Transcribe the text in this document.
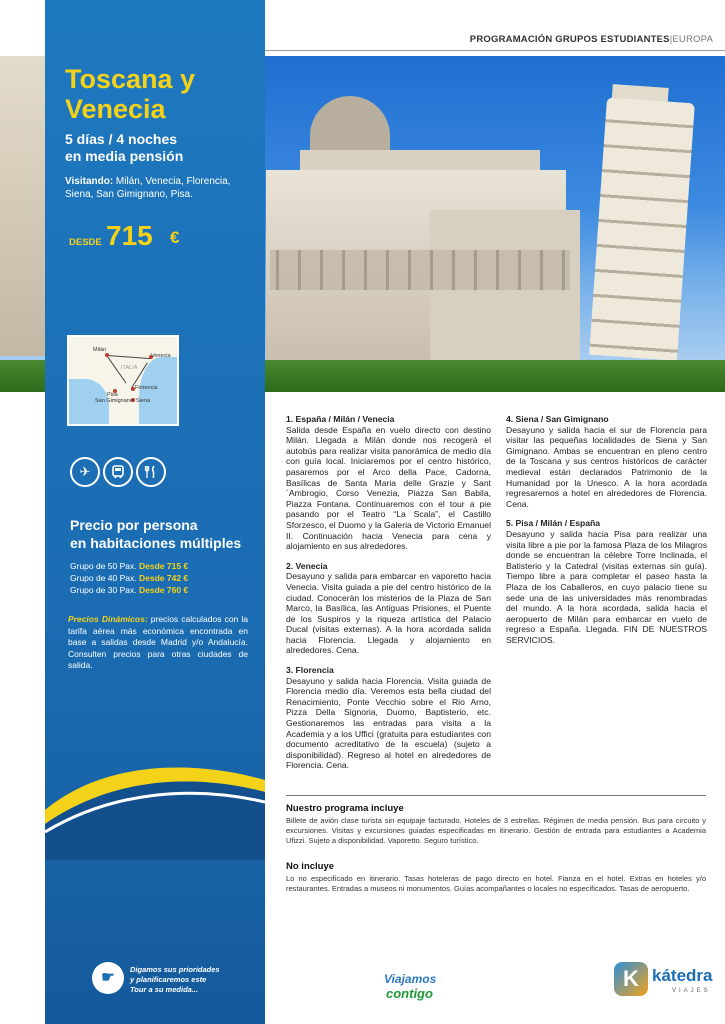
PROGRAMACIÓN GRUPOS ESTUDIANTES|EUROPA
Toscana y
Venecia
5 días / 4 noches
en media pensión
Visitando: Milán, Venecia, Florencia, Siena, San Gimignano, Pisa.
DESDE 715 €
Milán
Venecia
ITALIA
Florencia
Pisa
San Gimignano Siena
✈
Precio por persona
en habitaciones múltiples
Grupo de 50 Pax. Desde 715 €
Grupo de 40 Pax. Desde 742 €
Grupo de 30 Pax. Desde 760 €
Precios Dinámicos: precios calculados con la tarifa aérea más económica encontrada en base a salidas desde Madrid y/o Andalucía. Consulten precios para otras ciudades de salida.
☛	Digamos sus prioridades
y planificaremos este
Tour a su medida...
1. España / Milán / Venecia

Salida desde España en vuelo directo con destino Milán. Llegada a Milán donde nos recogerá el autobús para realizar visita panorámica de medio día con guía local. Iniciaremos por el centro histórico, pasaremos por el Arco della Pace, Cadorna, Basílicas de Santa Maria delle Grazie y Sant´Ambrogio, Corso Venezia, Piazza San Babila, Piazza Fontana. Continuaremos con el tour a pie pasando por el Teatro “La Scala”, el Castillo Sforzesco, el Duomo y la Galeria de Victorio Emanuel II. Continuación hacia Venecia para cena y alojamiento en sus alrededores.

2. Venecia

Desayuno y salida para embarcar en vaporetto hacia Venecia. Visita guiada a pie del centro histórico de la ciudad. Conoceràn los misterios de la Plaza de San Marco, la Basílica, las Antiguas Prisiones, el Puente de los Suspiros y la riqueza artística del Palacio Ducal (visitas externas). A la hora acordada salida hacia Florencia. Llegada y alojamiento en alrededores. Cena.

3. Florencia

Desayuno y salida hacia Florencia. Visita guiada de Florencia medio día. Veremos esta bella ciudad del Renacimiento, Ponte Vecchio sobre el Rio Arno, Pizza Della Signoria, Duomo, Baptisterio, etc. Gestionaremos las entradas para visita a la Academia y a los Uffici (gratuita para estudiantes con documento acreditativo de la escuela) (sujeto a disponibilidad). Regreso al hotel en alrededores de Florencia. Cena.

4. Siena / San Gimignano

Desayuno y salida hacia el sur de Florencia para visitar las pequeñas localidades de Siena y San Gimignano. Ambas se encuentran en pleno centro de la Toscana y sus centros históricos de carácter medieval están declarados Patrimonio de la Humanidad por la Unesco. A la hora acordada regresaremos a hotel en alrededores de Florencia. Cena.

5. Pisa / Milán / España

Desayuno y salida hacia Pisa para realizar una visita libre a pie por la famosa Plaza de los Milagros donde se encuentran la célebre Torre Inclinada, el Batisterio y la Catedral (visitas externas sin guía). Tiempo libre a para completar el paseo hasta la Plaza de los Caballeros, en cuyo palacio tiene su sede una de las universidades más renombradas del mundo. A la hora acordada, salida hacia el aeropuerto de Milán para embarcar en vuelo de regreso a España. Llegada. FIN DE NUESTROS SERVICIOS.

Nuestro programa incluye
Billete de avión clase turista sin equipaje facturado. Hoteles de 3 estrellas. Régimen de media pensión. Bus para circuito y excursiones. Visitas y excursiones guiadas especificadas en itinerario. Gestión de entrada para estudiantes a Academia Ufizzi. Sujeto a disponibilidad. Vaporetto. Seguro turístico.
No incluye
Lo no especificado en itinerario. Tasas hoteleras de pago directo en hotel. Fianza en el hotel. Extras en hoteles y/o restaurantes. Entradas a museos ni monumentos. Guías acompañantes o locales no especificados. Tasas de aeropuerto.
Viajamos
contigo
K kátedra
VIAJES
